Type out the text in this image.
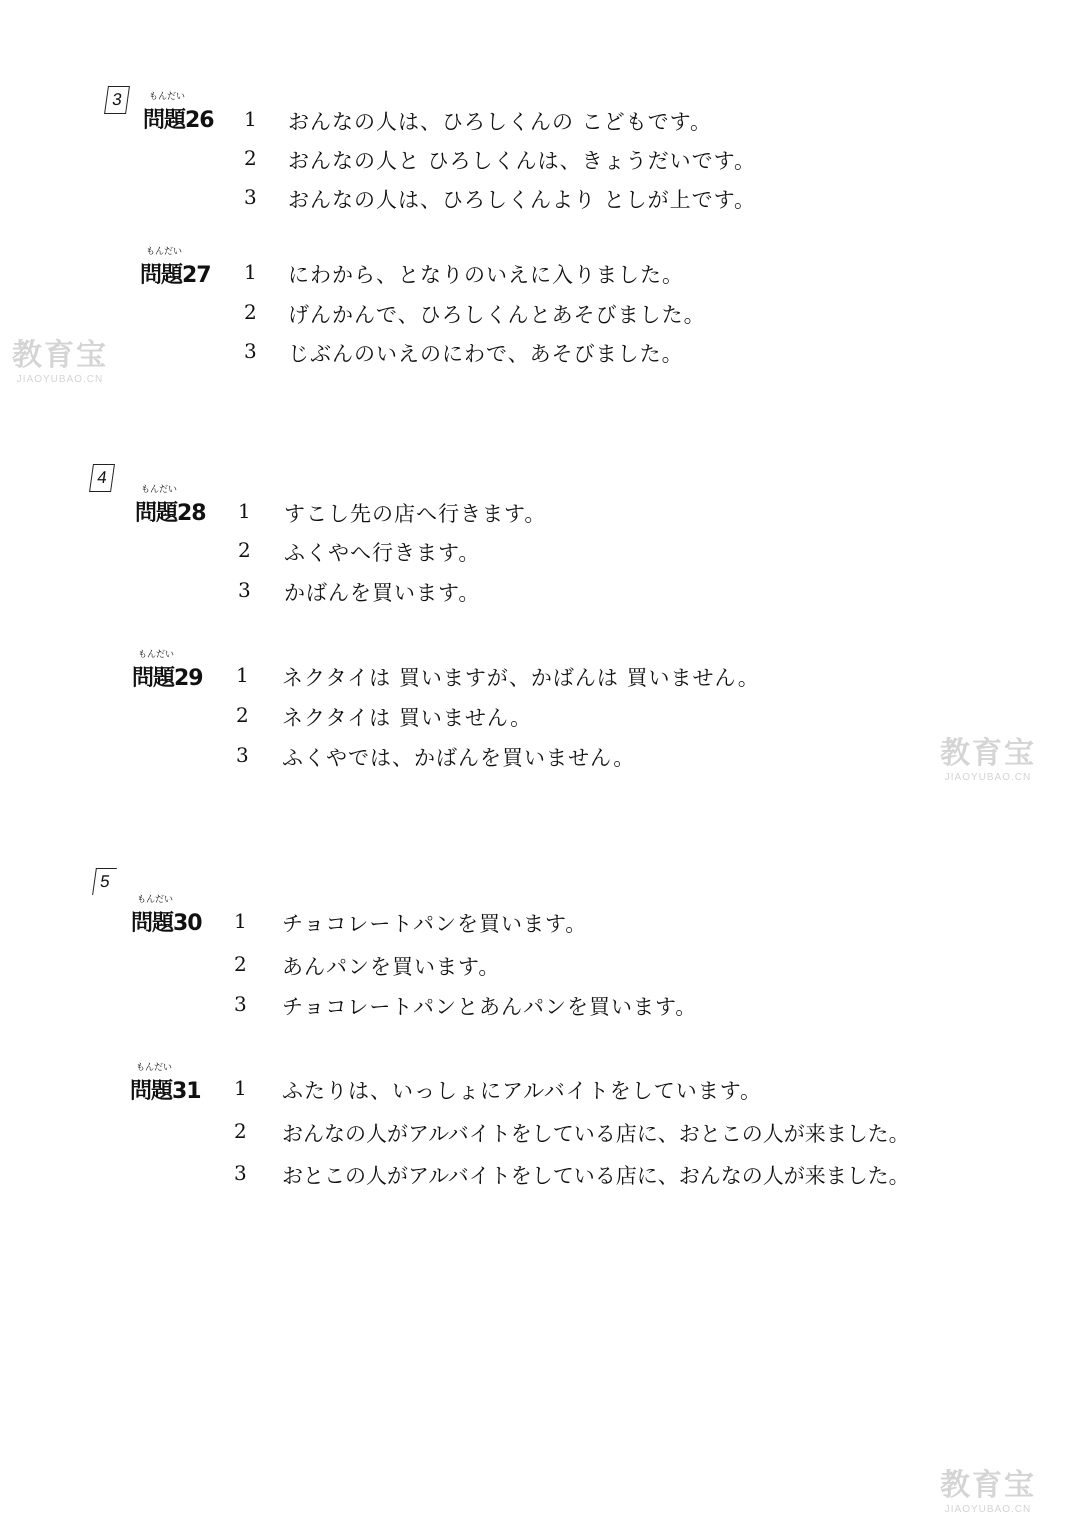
3	もんだい
問題26 1 おんなの人は、ひろしくんの こどもです。
2 おんなの人と ひろしくんは、きょうだいです。
3 おんなの人は、ひろしくんより としが上です。
もんだい
問題27 1 にわから、となりのいえに入りました。
2 げんかんで、ひろしくんとあそびました。
3 じぶんのいえのにわで、あそびました。
4
もんだい
問題28 1 すこし先の店へ行きます。
2 ふくやへ行きます。
3 かばんを買います。
もんだい
問題29 1 ネクタイは 買いますが、かばんは 買いません。
2 ネクタイは 買いません。
3 ふくやでは、かばんを買いません。
5
もんだい
問題30 1 チョコレートパンを買います。
2 あんパンを買います。
3 チョコレートパンとあんパンを買います。
もんだい
問題31 1 ふたりは、いっしょにアルバイトをしています。
2 おんなの人がアルバイトをしている店に、おとこの人が来ました。
3 おとこの人がアルバイトをしている店に、おんなの人が来ました。
教育宝
JIAOYUBAO.CN
教育宝
JIAOYUBAO.CN
教育宝
JIAOYUBAO.CN
